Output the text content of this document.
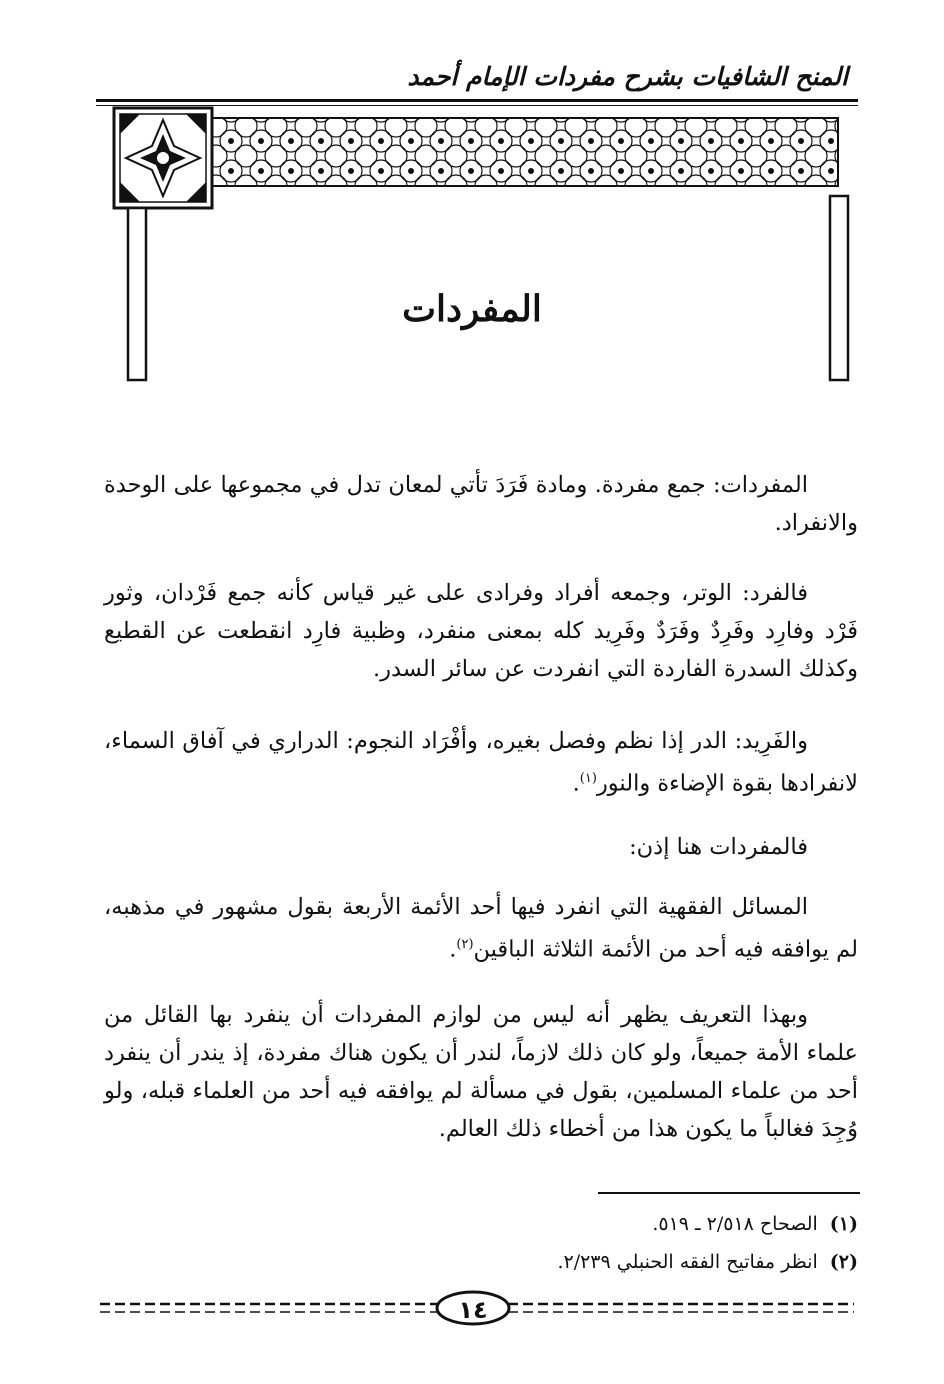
المنح الشافيات بشرح مفردات الإمام أحمد
المفردات

المفردات: جمع مفردة. ومادة فَرَدَ تأتي لمعان تدل في مجموعها على الوحدة والانفراد.

فالفرد: الوتر، وجمعه أفراد وفرادى على غير قياس كأنه جمع فَرْدان، وثور فَرْد وفارِد وفَرِدٌ وفَرَدٌ وفَرِيد كله بمعنى منفرد، وظبية فارِد انقطعت عن القطيع وكذلك السدرة الفاردة التي انفردت عن سائر السدر.

والفَرِيد: الدر إذا نظم وفصل بغيره، وأفْرَاد النجوم: الدراري في آفاق السماء، لانفرادها بقوة الإضاءة والنور$^{(١)}$.

فالمفردات هنا إذن:

المسائل الفقهية التي انفرد فيها أحد الأئمة الأربعة بقول مشهور في مذهبه، لم يوافقه فيه أحد من الأئمة الثلاثة الباقين$^{(٢)}$.

وبهذا التعريف يظهر أنه ليس من لوازم المفردات أن ينفرد بها القائل من علماء الأمة جميعاً، ولو كان ذلك لازماً، لندر أن يكون هناك مفردة، إذ يندر أن ينفرد أحد من علماء المسلمين، بقول في مسألة لم يوافقه فيه أحد من العلماء قبله، ولو وُجِدَ فغالباً ما يكون هذا من أخطاء ذلك العالم.

(١)الصحاح ٢/٥١٨ ـ ٥١٩.
(٢)انظر مفاتيح الفقه الحنبلي ٢/٢٣٩.
١٤
